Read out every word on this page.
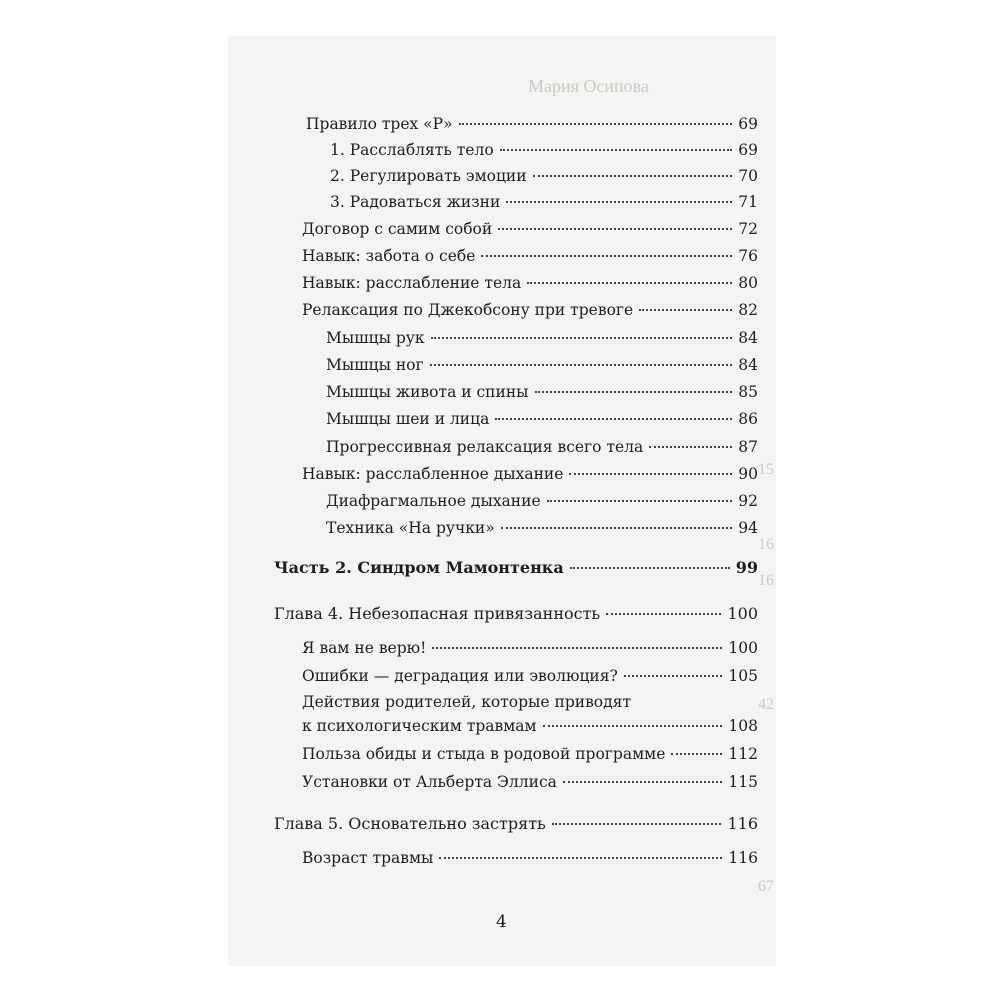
Мария Осипова
15
16
16
42
67
Правило трех «Р»	69
1. Расслаблять тело	69
2. Регулировать эмоции	70
3. Радоваться жизни	71
Договор с самим собой	72
Навык: забота о себе	76
Навык: расслабление тела	80
Релаксация по Джекобсону при тревоге	82
Мышцы рук	84
Мышцы ног	84
Мышцы живота и спины	85
Мышцы шеи и лица	86
Прогрессивная релаксация всего тела	87
Навык: расслабленное дыхание	90
Диафрагмальное дыхание	92
Техника «На ручки»	94
Часть 2. Синдром Мамонтенка	99
Глава 4. Небезопасная привязанность	100
Я вам не верю!	100
Ошибки — деградация или эволюция?	105
Действия родителей, которые приводят
к психологическим травмам	108
Польза обиды и стыда в родовой программе	112
Установки от Альберта Эллиса	115
Глава 5. Основательно застрять	116
Возраст травмы	116
4
